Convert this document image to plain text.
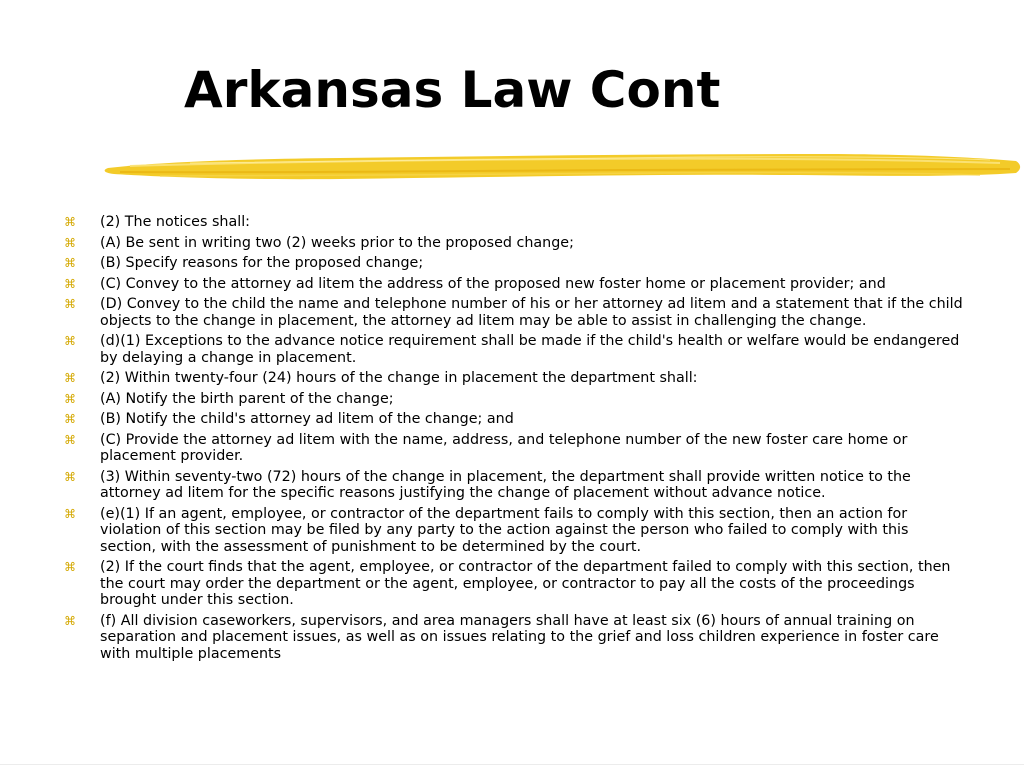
Arkansas Law Cont
⌘	(2) The notices shall:
⌘	(A) Be sent in writing two (2) weeks prior to the proposed change;
⌘	(B) Specify reasons for the proposed change;
⌘	(C) Convey to the attorney ad litem the address of the proposed new foster home or placement provider; and
⌘	(D) Convey to the child the name and telephone number of his or her attorney ad litem and a statement that if the child objects to the change in placement, the attorney ad litem may be able to assist in challenging the change.
⌘	(d)(1) Exceptions to the advance notice requirement shall be made if the child's health or welfare would be endangered by delaying a change in placement.
⌘	(2) Within twenty-four (24) hours of the change in placement the department shall:
⌘	(A) Notify the birth parent of the change;
⌘	(B) Notify the child's attorney ad litem of the change; and
⌘	(C) Provide the attorney ad litem with the name, address, and telephone number of the new foster care home or placement provider.
⌘	(3) Within seventy-two (72) hours of the change in placement, the department shall provide written notice to the attorney ad litem for the specific reasons justifying the change of placement without advance notice.
⌘	(e)(1) If an agent, employee, or contractor of the department fails to comply with this section, then an action for violation of this section may be filed by any party to the action against the person who failed to comply with this section, with the assessment of punishment to be determined by the court.
⌘	(2) If the court finds that the agent, employee, or contractor of the department failed to comply with this section, then the court may order the department or the agent, employee, or contractor to pay all the costs of the proceedings brought under this section.
⌘	(f) All division caseworkers, supervisors, and area managers shall have at least six (6) hours of annual training on separation and placement issues, as well as on issues relating to the grief and loss children experience in foster care with multiple placements
